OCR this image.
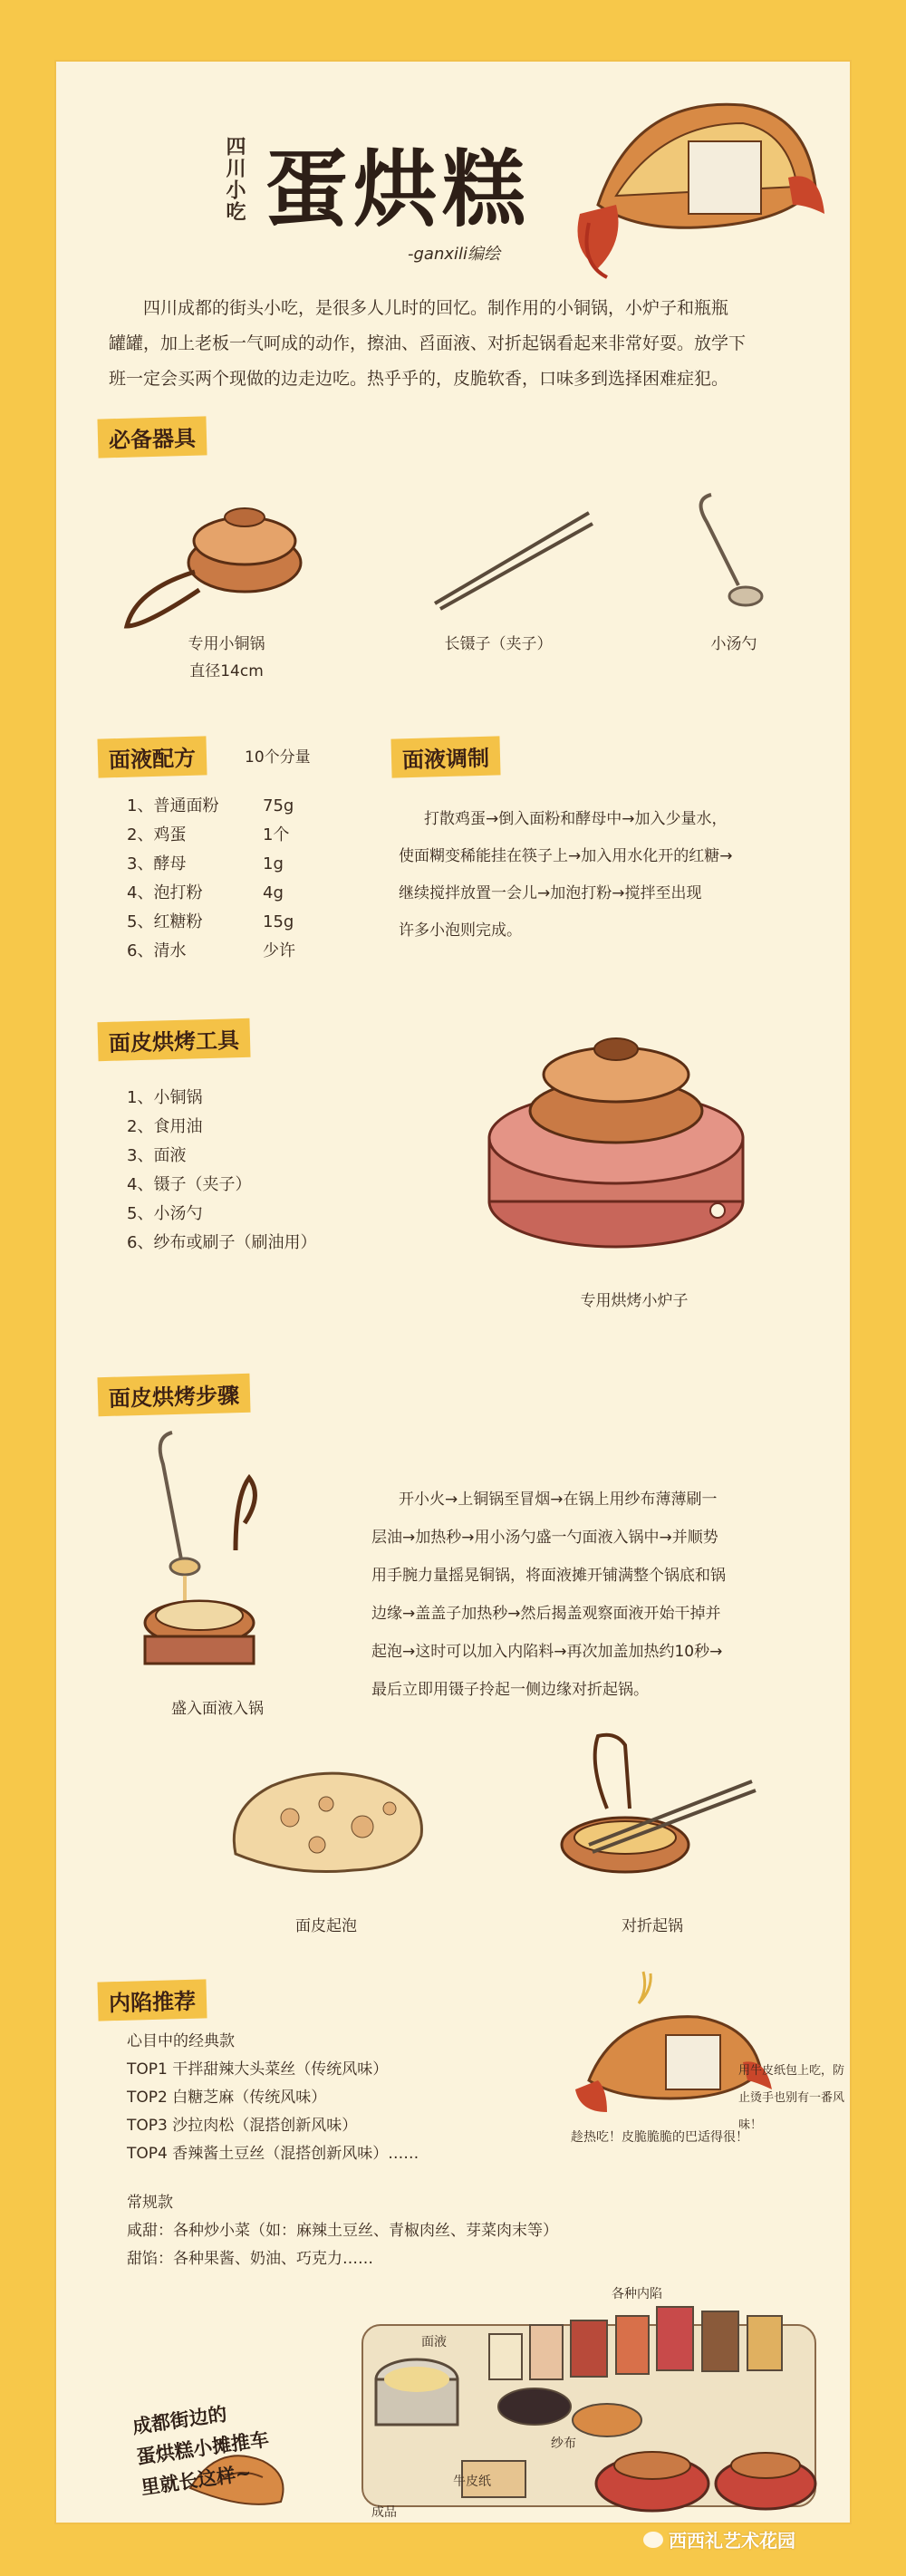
四川小吃 蛋烘糕
-ganxili编绘
四川成都的街头小吃，是很多人儿时的回忆。制作用的小铜锅，小炉子和瓶瓶
罐罐，加上老板一气呵成的动作，擦油、舀面液、对折起锅看起来非常好耍。放学下
班一定会买两个现做的边走边吃。热乎乎的，皮脆软香，口味多到选择困难症犯。
必备器具
专用小铜锅
直径14cm
长镊子（夹子）	小汤勺
面液配方	10个分量
1、普通面粉	75g
2、鸡蛋	1个
3、酵母	1g
4、泡打粉	4g
5、红糖粉	15g
6、清水	少许
面液调制
打散鸡蛋→倒入面粉和酵母中→加入少量水，
使面糊变稀能挂在筷子上→加入用水化开的红糖→
继续搅拌放置一会儿→加泡打粉→搅拌至出现
许多小泡则完成。
面皮烘烤工具
1、小铜锅
2、食用油
3、面液
4、镊子（夹子）
5、小汤勺
6、纱布或刷子（刷油用）
专用烘烤小炉子
面皮烘烤步骤
盛入面液入锅
开小火→上铜锅至冒烟→在锅上用纱布薄薄刷一
层油→加热秒→用小汤勺盛一勺面液入锅中→并顺势
用手腕力量摇晃铜锅，将面液摊开铺满整个锅底和锅
边缘→盖盖子加热秒→然后揭盖观察面液开始干掉并
起泡→这时可以加入内陷料→再次加盖加热约10秒→
最后立即用镊子拎起一侧边缘对折起锅。
面皮起泡	对折起锅
内陷推荐
心目中的经典款
TOP1 干拌甜辣大头菜丝（传统风味）
TOP2 白糖芝麻（传统风味）
TOP3 沙拉肉松（混搭创新风味）
TOP4 香辣酱土豆丝（混搭创新风味）……
用牛皮纸包上吃，防
止烫手也别有一番风味！
趁热吃！皮脆脆脆的巴适得很！
常规款
咸甜：各种炒小菜（如：麻辣土豆丝、青椒肉丝、芽菜肉末等）
甜馅：各种果酱、奶油、巧克力……
面液
各种内陷
纱布
牛皮纸
成品
成都街边的
蛋烘糕小摊推车
里就长这样~
西西礼艺术花园
